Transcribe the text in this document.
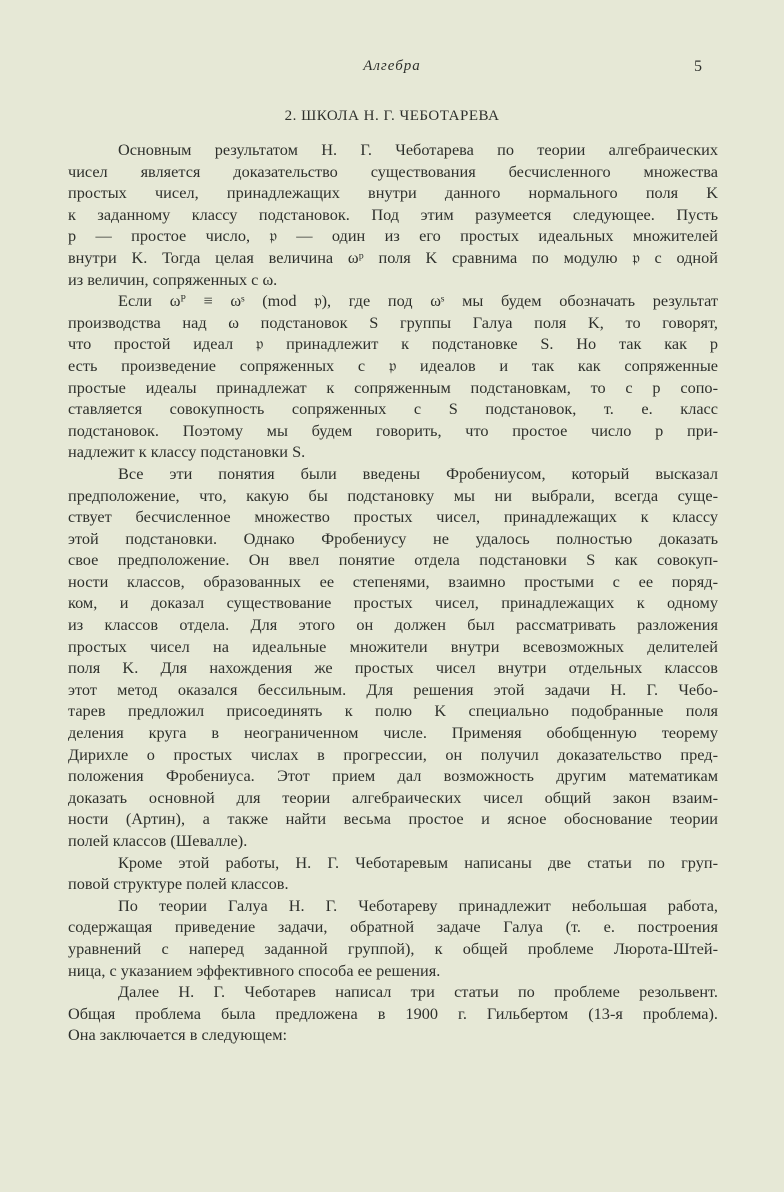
Алгебра	5
2. ШКОЛА Н. Г. ЧЕБОТАРЕВА
Основным результатом Н. Г. Чеботарева по теории алгебраических
чисел является доказательство существования бесчисленного множества
простых чисел, принадлежащих внутри данного нормального поля K
к заданному классу подстановок. Под этим разумеется следующее. Пусть
p — простое число, 𝔭 — один из его простых идеальных множителей
внутри K. Тогда целая величина ωᵖ поля K сравнима по модулю 𝔭 с одной
из величин, сопряженных с ω.
Если ωᴾ ≡ ωˢ (mod 𝔭), где под ωˢ мы будем обозначать результат
производства над ω подстановок S группы Галуа поля K, то говорят,
что простой идеал 𝔭 принадлежит к подстановке S. Но так как p
есть произведение сопряженных с 𝔭 идеалов и так как сопряженные
простые идеалы принадлежат к сопряженным подстановкам, то с p сопо-
ставляется совокупность сопряженных с S подстановок, т. е. класс
подстановок. Поэтому мы будем говорить, что простое число p при-
надлежит к классу подстановки S.
Все эти понятия были введены Фробениусом, который высказал
предположение, что, какую бы подстановку мы ни выбрали, всегда суще-
ствует бесчисленное множество простых чисел, принадлежащих к классу
этой подстановки. Однако Фробениусу не удалось полностью доказать
свое предположение. Он ввел понятие отдела подстановки S как совокуп-
ности классов, образованных ее степенями, взаимно простыми с ее поряд-
ком, и доказал существование простых чисел, принадлежащих к одному
из классов отдела. Для этого он должен был рассматривать разложения
простых чисел на идеальные множители внутри всевозможных делителей
поля K. Для нахождения же простых чисел внутри отдельных классов
этот метод оказался бессильным. Для решения этой задачи Н. Г. Чебо-
тарев предложил присоединять к полю K специально подобранные поля
деления круга в неограниченном числе. Применяя обобщенную теорему
Дирихле о простых числах в прогрессии, он получил доказательство пред-
положения Фробениуса. Этот прием дал возможность другим математикам
доказать основной для теории алгебраических чисел общий закон взаим-
ности (Артин), а также найти весьма простое и ясное обоснование теории
полей классов (Шевалле).
Кроме этой работы, Н. Г. Чеботаревым написаны две статьи по груп-
повой структуре полей классов.
По теории Галуа Н. Г. Чеботареву принадлежит небольшая работа,
содержащая приведение задачи, обратной задаче Галуа (т. е. построения
уравнений с наперед заданной группой), к общей проблеме Люрота-Штей-
ница, с указанием эффективного способа ее решения.
Далее Н. Г. Чеботарев написал три статьи по проблеме резольвент.
Общая проблема была предложена в 1900 г. Гильбертом (13-я проблема).
Она заключается в следующем:
